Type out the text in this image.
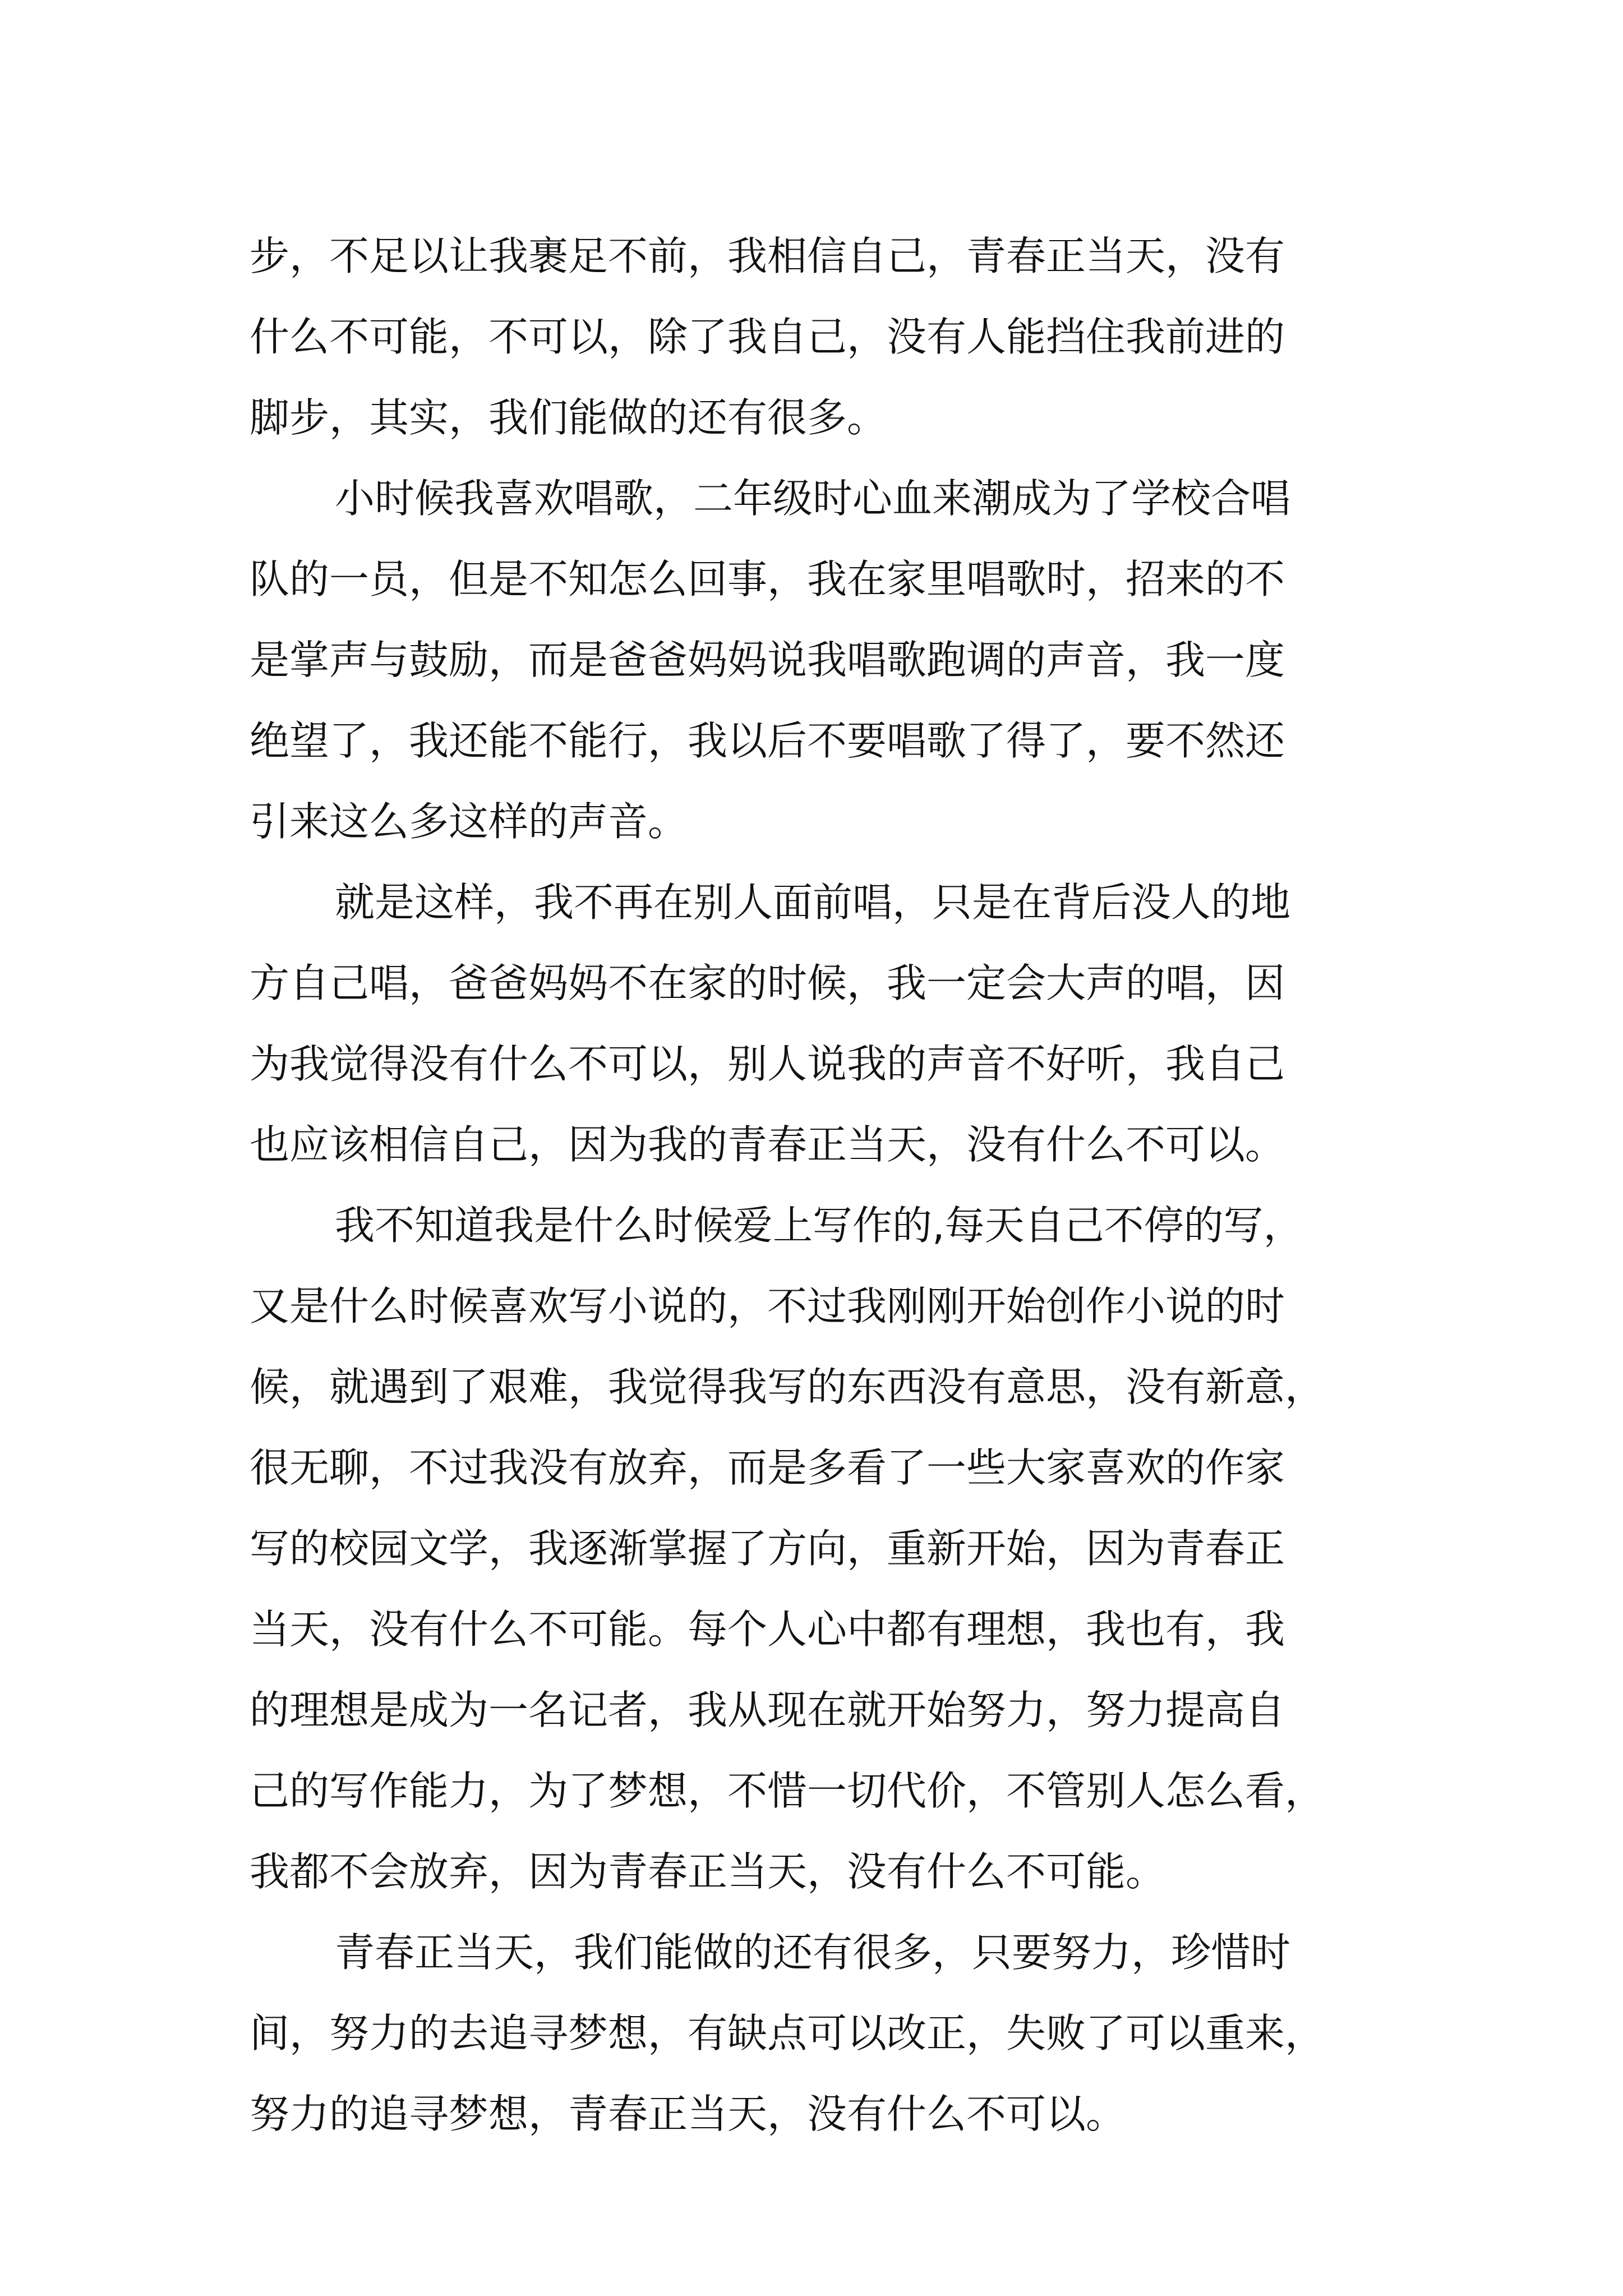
步，不足以让我裹足不前，我相信自己，青春正当天，没有
什么不可能，不可以，除了我自己，没有人能挡住我前进的
脚步，其实，我们能做的还有很多。
小时候我喜欢唱歌，二年级时心血来潮成为了学校合唱
队的一员，但是不知怎么回事，我在家里唱歌时，招来的不
是掌声与鼓励，而是爸爸妈妈说我唱歌跑调的声音，我一度
绝望了，我还能不能行，我以后不要唱歌了得了，要不然还
引来这么多这样的声音。
就是这样，我不再在别人面前唱，只是在背后没人的地
方自己唱，爸爸妈妈不在家的时候，我一定会大声的唱，因
为我觉得没有什么不可以，别人说我的声音不好听，我自己
也应该相信自己，因为我的青春正当天，没有什么不可以。
我不知道我是什么时候爱上写作的,每天自己不停的写，
又是什么时候喜欢写小说的，不过我刚刚开始创作小说的时
候，就遇到了艰难，我觉得我写的东西没有意思，没有新意，
很无聊，不过我没有放弃，而是多看了一些大家喜欢的作家
写的校园文学，我逐渐掌握了方向，重新开始，因为青春正
当天，没有什么不可能。每个人心中都有理想，我也有，我
的理想是成为一名记者，我从现在就开始努力，努力提高自
己的写作能力，为了梦想，不惜一切代价，不管别人怎么看，
我都不会放弃，因为青春正当天，没有什么不可能。
青春正当天，我们能做的还有很多，只要努力，珍惜时
间，努力的去追寻梦想，有缺点可以改正，失败了可以重来，
努力的追寻梦想，青春正当天，没有什么不可以。
